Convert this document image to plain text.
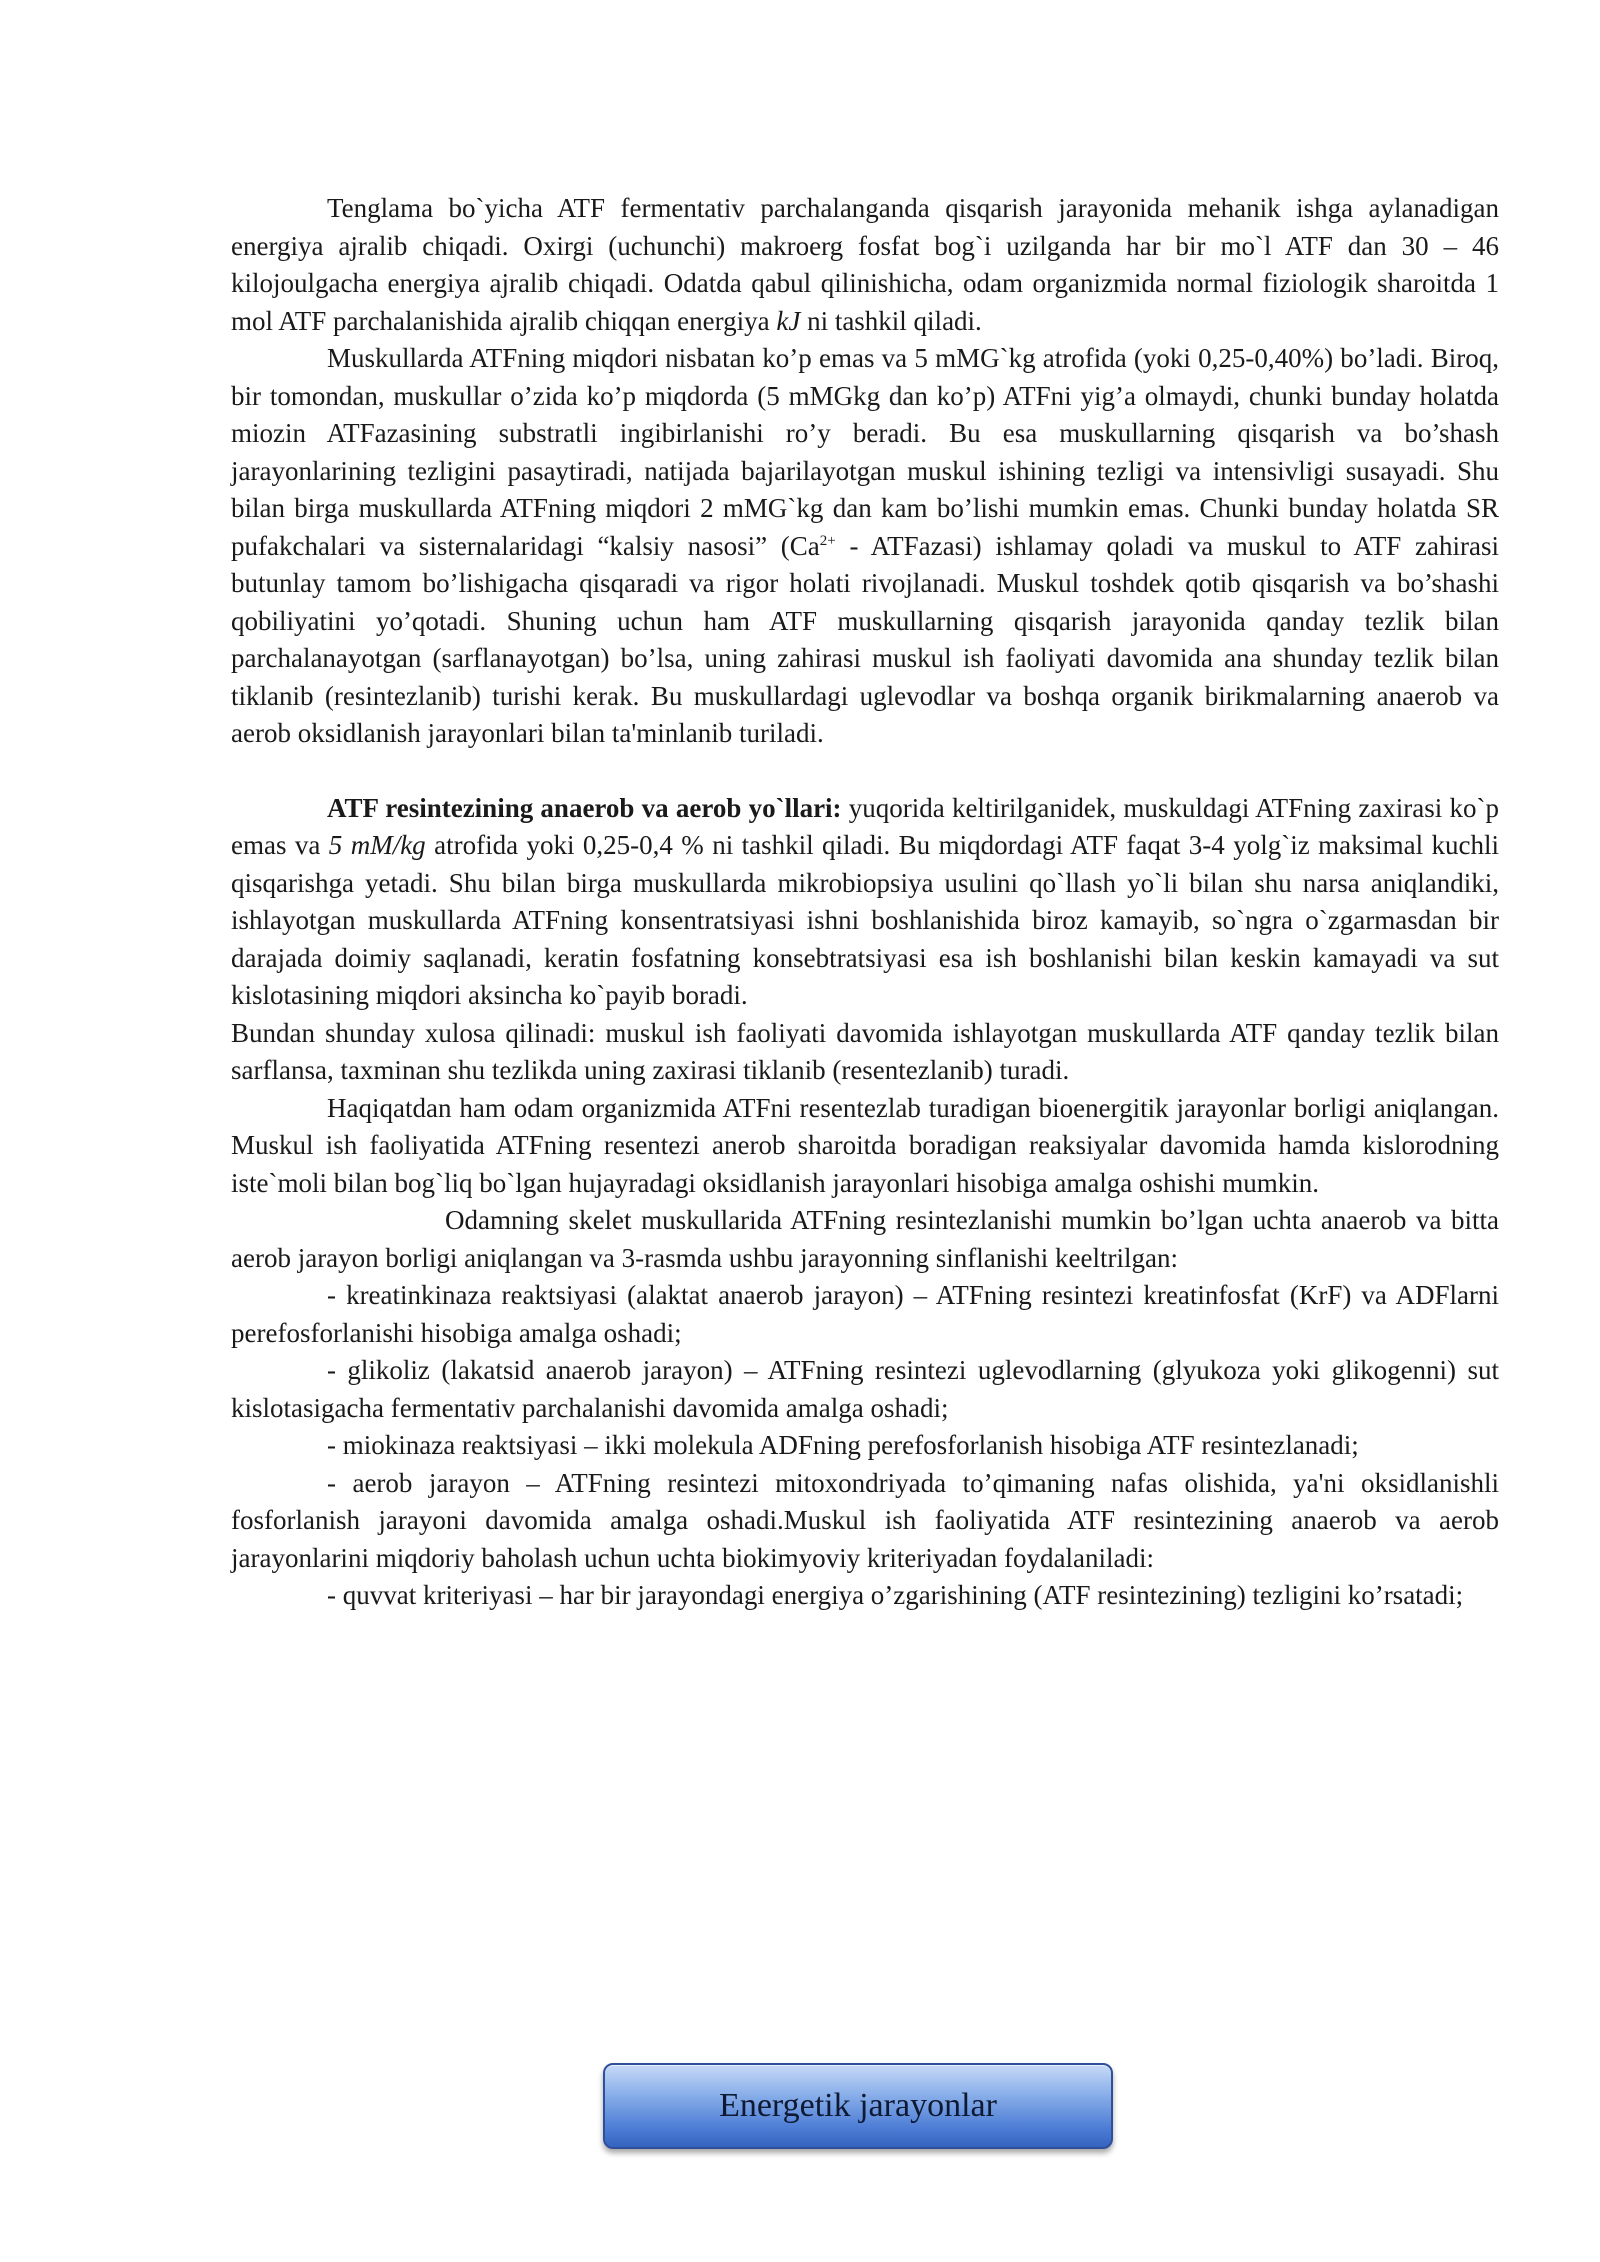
Tenglama bo`yicha ATF fermentativ parchalanganda qisqarish jarayonida mehanik ishga aylanadigan energiya ajralib chiqadi. Oxirgi (uchunchi) makroerg fosfat bog`i uzilganda har bir mo`l ATF dan 30 – 46 kilojoulgacha energiya ajralib chiqadi. Odatda qabul qilinishicha, odam organizmida normal fiziologik sharoitda 1 mol ATF parchalanishida ajralib chiqqan energiya kJ ni tashkil qiladi.

Muskullarda ATFning miqdori nisbatan ko’p emas va 5 mMG`kg atrofida (yoki 0,25-0,40%) bo’ladi. Biroq, bir tomondan, muskullar o’zida ko’p miqdorda (5 mMGkg dan ko’p) ATFni yig’a olmaydi, chunki bunday holatda miozin ATFazasining substratli ingibirlanishi ro’y beradi. Bu esa muskullarning qisqarish va bo’shash jarayonlarining tezligini pasaytiradi, natijada bajarilayotgan muskul ishining tezligi va intensivligi susayadi. Shu bilan birga muskullarda ATFning miqdori 2 mMG`kg dan kam bo’lishi mumkin emas. Chunki bunday holatda SR pufakchalari va sisternalaridagi “kalsiy nasosi” ($Ca^{2+}$ - ATFazasi) ishlamay qoladi va muskul to ATF zahirasi butunlay tamom bo’lishigacha qisqaradi va rigor holati rivojlanadi. Muskul toshdek qotib qisqarish va bo’shashi qobiliyatini yo’qotadi. Shuning uchun ham ATF muskullarning qisqarish jarayonida qanday tezlik bilan parchalanayotgan (sarflanayotgan) bo’lsa, uning zahirasi muskul ish faoliyati davomida ana shunday tezlik bilan tiklanib (resintezlanib) turishi kerak. Bu muskullardagi uglevodlar va boshqa organik birikmalarning anaerob va aerob oksidlanish jarayonlari bilan ta'minlanib turiladi.

ATF resintezining anaerob va aerob yo`llari: yuqorida keltirilganidek, muskuldagi ATFning zaxirasi ko`p emas va 5 mM/kg atrofida yoki 0,25-0,4 % ni tashkil qiladi. Bu miqdordagi ATF faqat 3-4 yolg`iz maksimal kuchli qisqarishga yetadi. Shu bilan birga muskullarda mikrobiopsiya usulini qo`llash yo`li bilan shu narsa aniqlandiki, ishlayotgan muskullarda ATFning konsentratsiyasi ishni boshlanishida biroz kamayib, so`ngra o`zgarmasdan bir darajada doimiy saqlanadi, keratin fosfatning konsebtratsiyasi esa ish boshlanishi bilan keskin kamayadi va sut kislotasining miqdori aksincha ko`payib boradi.

Bundan shunday xulosa qilinadi: muskul ish faoliyati davomida ishlayotgan muskullarda ATF qanday tezlik bilan sarflansa, taxminan shu tezlikda uning zaxirasi tiklanib (resentezlanib) turadi.

Haqiqatdan ham odam organizmida ATFni resentezlab turadigan bioenergitik jarayonlar borligi aniqlangan. Muskul ish faoliyatida ATFning resentezi anerob sharoitda boradigan reaksiyalar davomida hamda kislorodning iste`moli bilan bog`liq bo`lgan hujayradagi oksidlanish jarayonlari hisobiga amalga oshishi mumkin.

Odamning skelet muskullarida ATFning resintezlanishi mumkin bo’lgan uchta anaerob va bitta aerob jarayon borligi aniqlangan va 3-rasmda ushbu jarayonning sinflanishi keeltrilgan:

- kreatinkinaza reaktsiyasi (alaktat anaerob jarayon) – ATFning resintezi kreatinfosfat (KrF) va ADFlarni perefosforlanishi hisobiga amalga oshadi;

- glikoliz (lakatsid anaerob jarayon) – ATFning resintezi uglevodlarning (glyukoza yoki glikogenni) sut kislotasigacha fermentativ parchalanishi davomida amalga oshadi;

- miokinaza reaktsiyasi – ikki molekula ADFning perefosforlanish hisobiga ATF resintezlanadi;

- aerob jarayon – ATFning resintezi mitoxondriyada to’qimaning nafas olishida, ya'ni oksidlanishli fosforlanish jarayoni davomida amalga oshadi.Muskul ish faoliyatida ATF resintezining anaerob va aerob jarayonlarini miqdoriy baholash uchun uchta biokimyoviy kriteriyadan foydalaniladi:

- quvvat kriteriyasi – har bir jarayondagi energiya o’zgarishining (ATF resintezining) tezligini ko’rsatadi;

Energetik jarayonlar
